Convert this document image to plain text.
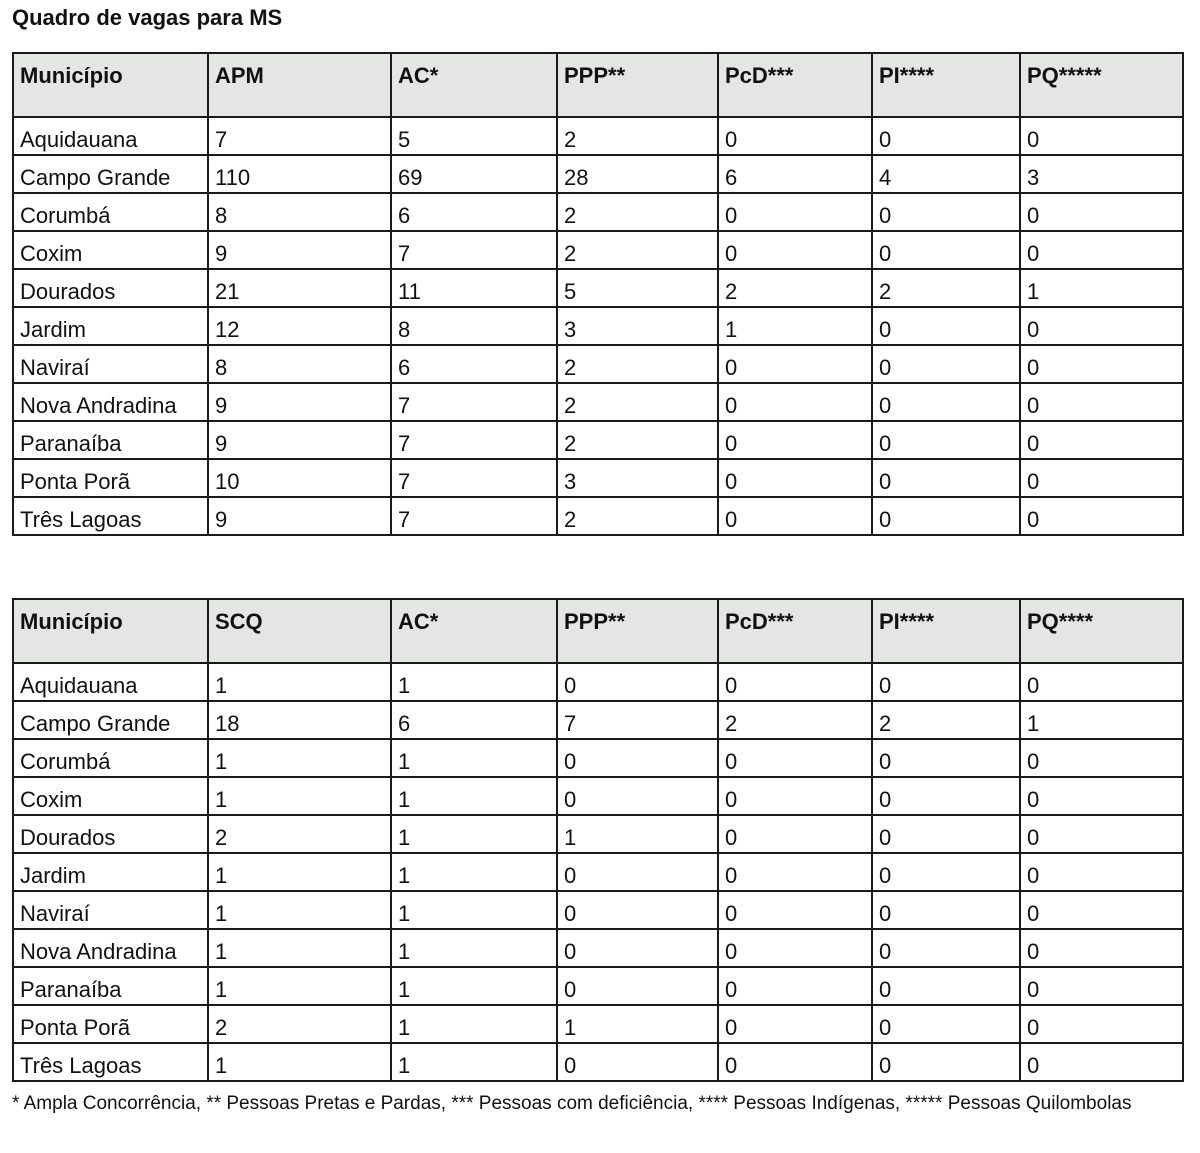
Quadro de vagas para MS
Município	APM	AC*	PPP**	PcD***	PI****	PQ*****
Aquidauana	7	5	2	0	0	0
Campo Grande	110	69	28	6	4	3
Corumbá	8	6	2	0	0	0
Coxim	9	7	2	0	0	0
Dourados	21	11	5	2	2	1
Jardim	12	8	3	1	0	0
Naviraí	8	6	2	0	0	0
Nova Andradina	9	7	2	0	0	0
Paranaíba	9	7	2	0	0	0
Ponta Porã	10	7	3	0	0	0
Três Lagoas	9	7	2	0	0	0
Município	SCQ	AC*	PPP**	PcD***	PI****	PQ****
Aquidauana	1	1	0	0	0	0
Campo Grande	18	6	7	2	2	1
Corumbá	1	1	0	0	0	0
Coxim	1	1	0	0	0	0
Dourados	2	1	1	0	0	0
Jardim	1	1	0	0	0	0
Naviraí	1	1	0	0	0	0
Nova Andradina	1	1	0	0	0	0
Paranaíba	1	1	0	0	0	0
Ponta Porã	2	1	1	0	0	0
Três Lagoas	1	1	0	0	0	0
* Ampla Concorrência, ** Pessoas Pretas e Pardas, *** Pessoas com deficiência, **** Pessoas Indígenas, ***** Pessoas Quilombolas
